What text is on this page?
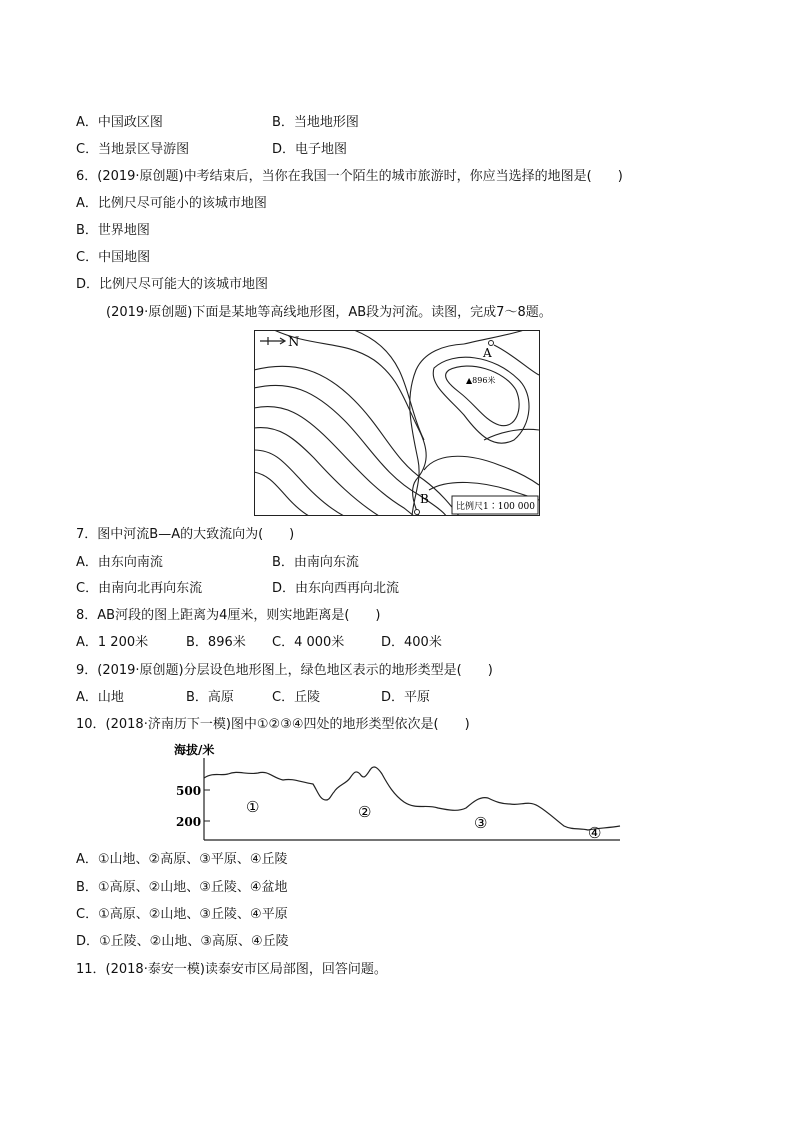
A．中国政区图	B．当地地形图
C．当地景区导游图	D．电子地图
6．(2019·原创题)中考结束后，当你在我国一个陌生的城市旅游时，你应当选择的地图是(　　)
A．比例尺尽可能小的该城市地图
B．世界地图
C．中国地图
D．比例尺尽可能大的该城市地图
(2019·原创题)下面是某地等高线地形图，AB段为河流。读图，完成7～8题。
N
A
B
▲896米
比例尺1∶100 000
7．图中河流B—A的大致流向为(　　)
A．由东向南流	B．由南向东流
C．由南向北再向东流	D．由东向西再向北流
8．AB河段的图上距离为4厘米，则实地距离是(　　)
A．1 200米	B．896米 C．4 000米	D．400米
9．(2019·原创题)分层设色地形图上，绿色地区表示的地形类型是(　　)
A．山地	B．高原	C．丘陵	D．平原
10．(2018·济南历下一模)图中①②③④四处的地形类型依次是(　　)
海拔/米
500
200
①	②
③
④
A．①山地、②高原、③平原、④丘陵
B．①高原、②山地、③丘陵、④盆地
C．①高原、②山地、③丘陵、④平原
D．①丘陵、②山地、③高原、④丘陵
11．(2018·泰安一模)读泰安市区局部图，回答问题。
